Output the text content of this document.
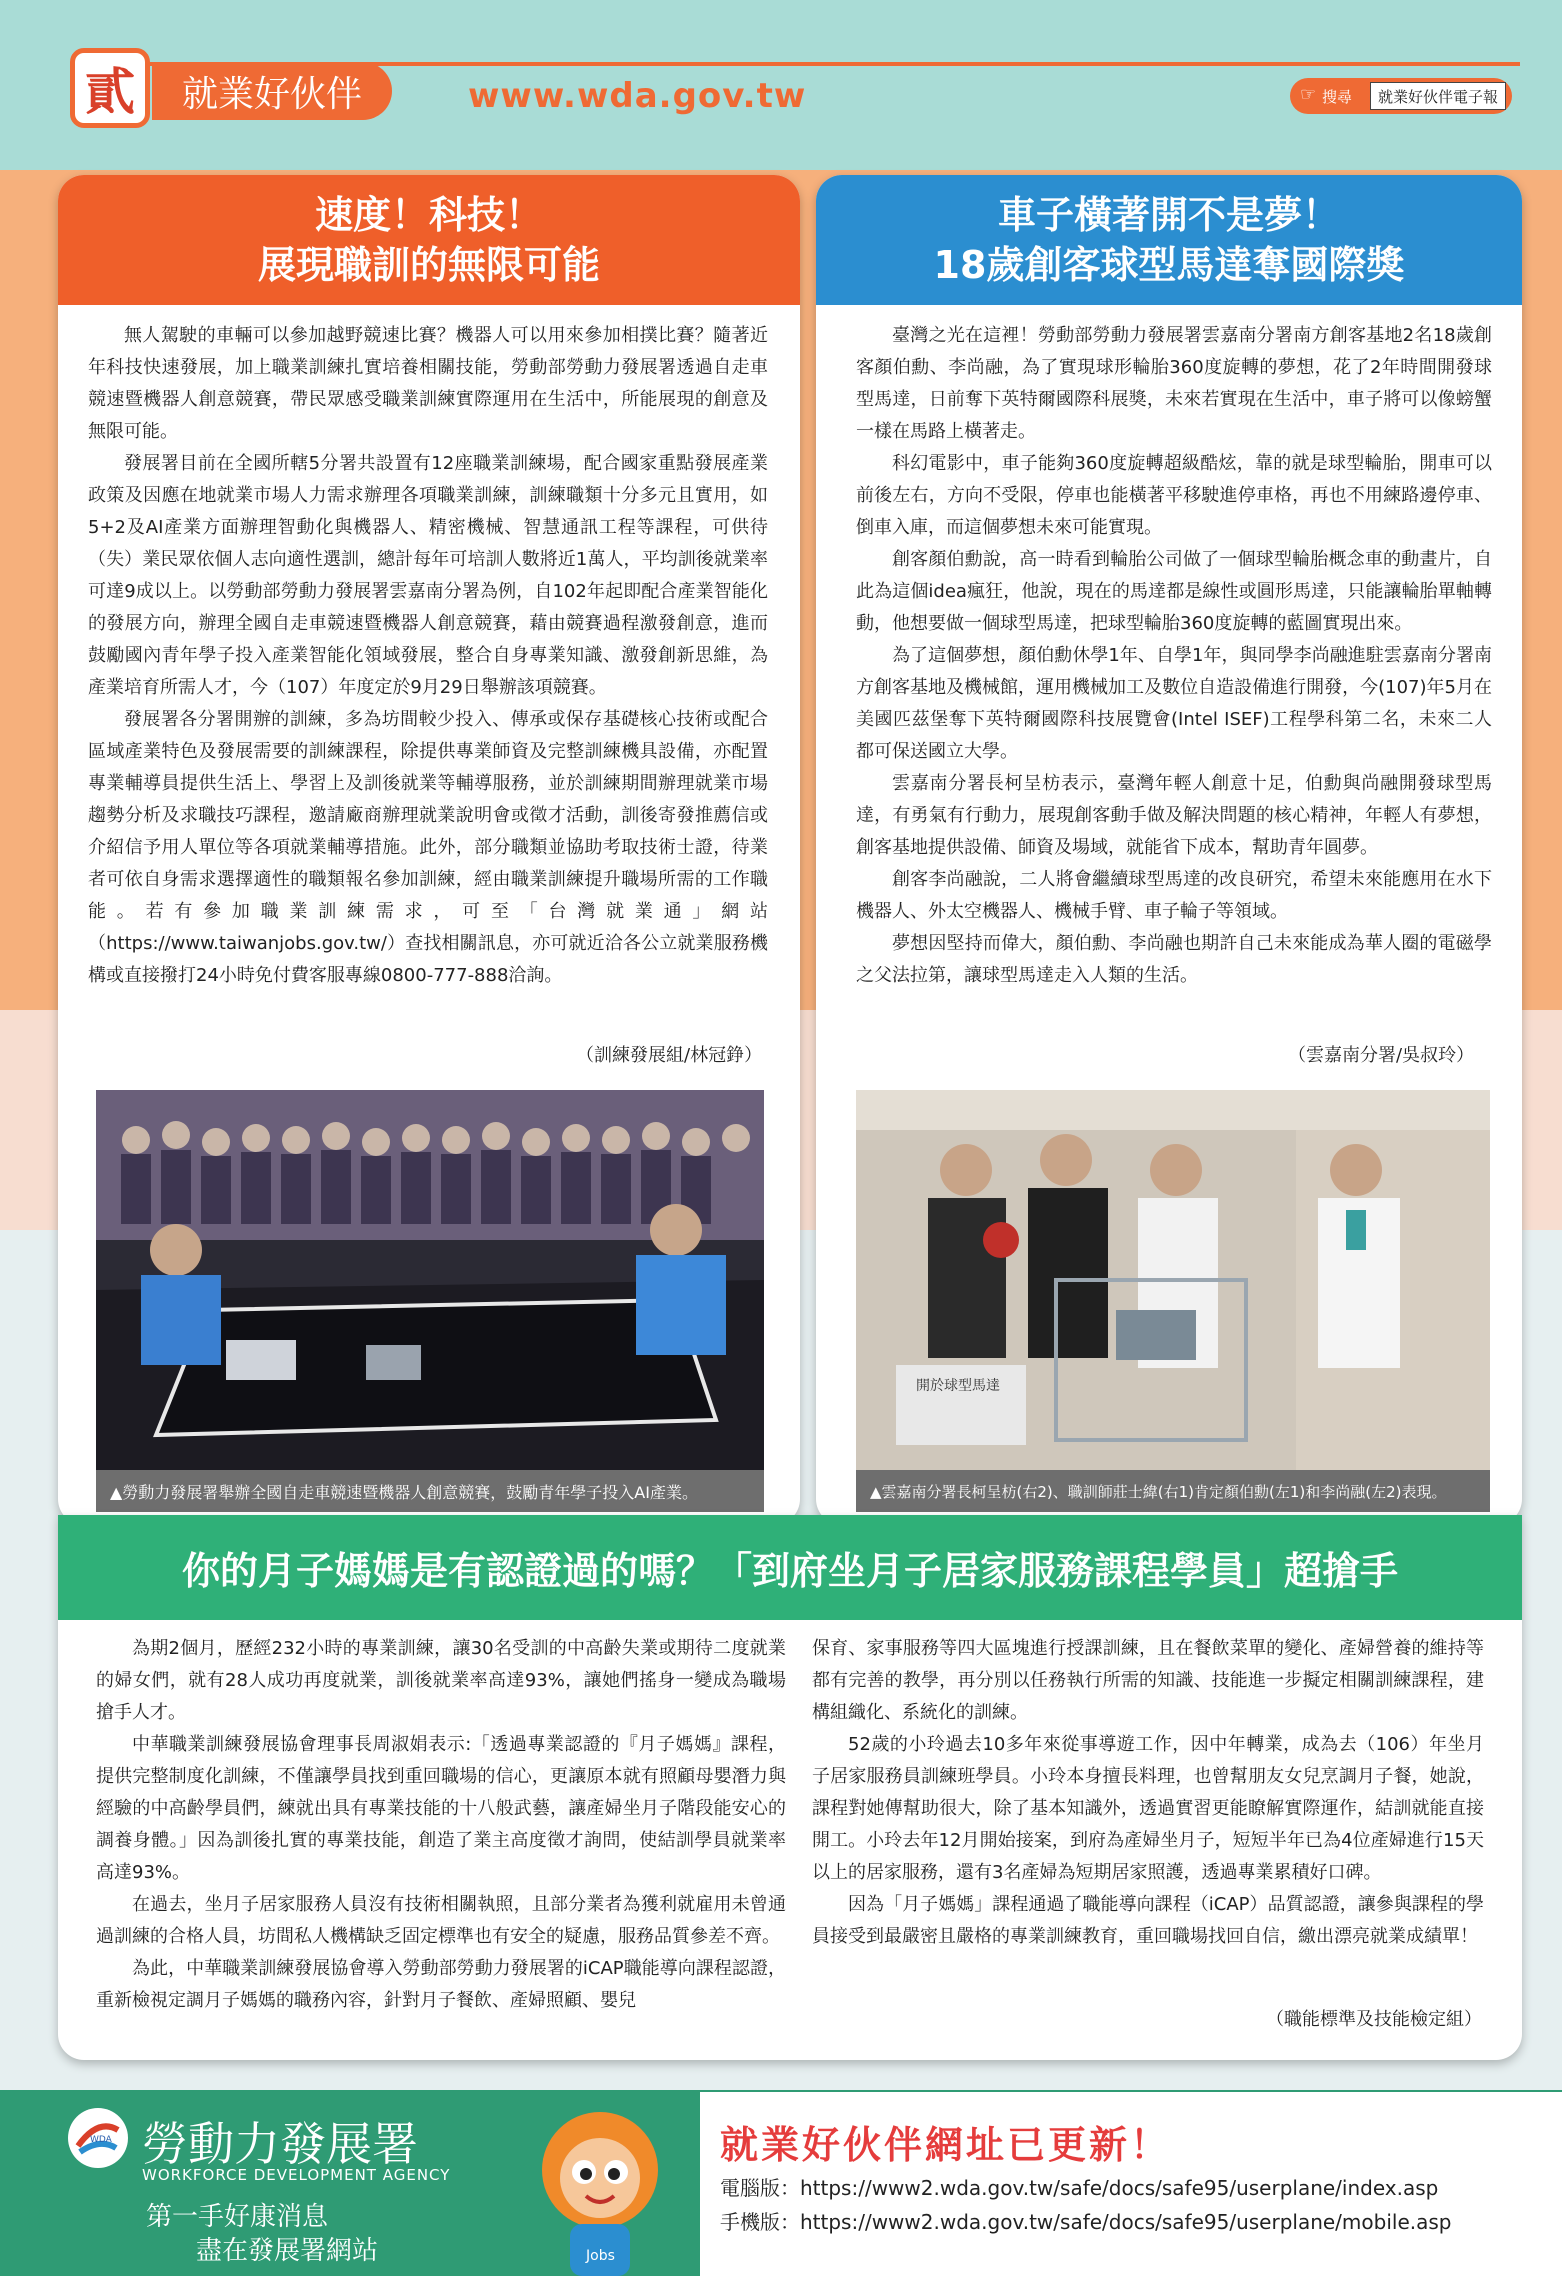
貳	就業好伙伴	www.wda.gov.tw	☞ 搜尋	就業好伙伴電子報
速度！科技！
展現職訓的無限可能

無人駕駛的車輛可以參加越野競速比賽？機器人可以用來參加相撲比賽？隨著近年科技快速發展，加上職業訓練扎實培養相關技能，勞動部勞動力發展署透過自走車競速暨機器人創意競賽，帶民眾感受職業訓練實際運用在生活中，所能展現的創意及無限可能。

發展署目前在全國所轄5分署共設置有12座職業訓練場，配合國家重點發展產業政策及因應在地就業市場人力需求辦理各項職業訓練，訓練職類十分多元且實用，如5+2及AI產業方面辦理智動化與機器人、精密機械、智慧通訊工程等課程，可供待（失）業民眾依個人志向適性選訓，總計每年可培訓人數將近1萬人，平均訓後就業率可達9成以上。以勞動部勞動力發展署雲嘉南分署為例，自102年起即配合產業智能化的發展方向，辦理全國自走車競速暨機器人創意競賽，藉由競賽過程激發創意，進而鼓勵國內青年學子投入產業智能化領域發展，整合自身專業知識、激發創新思維，為產業培育所需人才，今（107）年度定於9月29日舉辦該項競賽。

發展署各分署開辦的訓練，多為坊間較少投入、傳承或保存基礎核心技術或配合區域產業特色及發展需要的訓練課程，除提供專業師資及完整訓練機具設備，亦配置專業輔導員提供生活上、學習上及訓後就業等輔導服務，並於訓練期間辦理就業市場趨勢分析及求職技巧課程，邀請廠商辦理就業說明會或徵才活動，訓後寄發推薦信或介紹信予用人單位等各項就業輔導措施。此外，部分職類並協助考取技術士證，待業者可依自身需求選擇適性的職類報名參加訓練，經由職業訓練提升職場所需的工作職能。若有參加職業訓練需求，可至「台灣就業通」網站（https://www.taiwanjobs.gov.tw/）查找相關訊息，亦可就近洽各公立就業服務機構或直接撥打24小時免付費客服專線0800-777-888洽詢。

（訓練發展組/林冠錚）
▲勞動力發展署舉辦全國自走車競速暨機器人創意競賽，鼓勵青年學子投入AI產業。
車子橫著開不是夢！
18歲創客球型馬達奪國際獎

臺灣之光在這裡！勞動部勞動力發展署雲嘉南分署南方創客基地2名18歲創客顏伯勳、李尚融，為了實現球形輪胎360度旋轉的夢想，花了2年時間開發球型馬達，日前奪下英特爾國際科展獎，未來若實現在生活中，車子將可以像螃蟹一樣在馬路上橫著走。

科幻電影中，車子能夠360度旋轉超級酷炫，靠的就是球型輪胎，開車可以前後左右，方向不受限，停車也能橫著平移駛進停車格，再也不用練路邊停車、倒車入庫，而這個夢想未來可能實現。

創客顏伯勳說，高一時看到輪胎公司做了一個球型輪胎概念車的動畫片，自此為這個idea瘋狂，他說，現在的馬達都是線性或圓形馬達，只能讓輪胎單軸轉動，他想要做一個球型馬達，把球型輪胎360度旋轉的藍圖實現出來。

為了這個夢想，顏伯勳休學1年、自學1年，與同學李尚融進駐雲嘉南分署南方創客基地及機械館，運用機械加工及數位自造設備進行開發，今(107)年5月在美國匹茲堡奪下英特爾國際科技展覽會(Intel ISEF)工程學科第二名，未來二人都可保送國立大學。

雲嘉南分署長柯呈枋表示，臺灣年輕人創意十足，伯勳與尚融開發球型馬達，有勇氣有行動力，展現創客動手做及解決問題的核心精神，年輕人有夢想，創客基地提供設備、師資及場域，就能省下成本，幫助青年圓夢。

創客李尚融說，二人將會繼續球型馬達的改良研究，希望未來能應用在水下機器人、外太空機器人、機械手臂、車子輪子等領域。

夢想因堅持而偉大，顏伯勳、李尚融也期許自己未來能成為華人圈的電磁學之父法拉第，讓球型馬達走入人類的生活。

（雲嘉南分署/吳叔玲）
開於球型馬達
▲雲嘉南分署長柯呈枋(右2)、職訓師莊士緯(右1)肯定顏伯勳(左1)和李尚融(左2)表現。
你的月子媽媽是有認證過的嗎？「到府坐月子居家服務課程學員」超搶手

為期2個月，歷經232小時的專業訓練，讓30名受訓的中高齡失業或期待二度就業的婦女們，就有28人成功再度就業，訓後就業率高達93%，讓她們搖身一變成為職場搶手人才。

中華職業訓練發展協會理事長周淑娟表示:「透過專業認證的『月子媽媽』課程，提供完整制度化訓練，不僅讓學員找到重回職場的信心，更讓原本就有照顧母嬰潛力與經驗的中高齡學員們，練就出具有專業技能的十八般武藝，讓產婦坐月子階段能安心的調養身體。」因為訓後扎實的專業技能，創造了業主高度徵才詢問，使結訓學員就業率高達93%。

在過去，坐月子居家服務人員沒有技術相關執照，且部分業者為獲利就雇用未曾通過訓練的合格人員，坊間私人機構缺乏固定標準也有安全的疑慮，服務品質參差不齊。

為此，中華職業訓練發展協會導入勞動部勞動力發展署的iCAP職能導向課程認證，重新檢視定調月子媽媽的職務內容，針對月子餐飲、產婦照顧、嬰兒

保育、家事服務等四大區塊進行授課訓練，且在餐飲菜單的變化、產婦營養的維持等都有完善的教學，再分別以任務執行所需的知識、技能進一步擬定相關訓練課程，建構組織化、系統化的訓練。

52歲的小玲過去10多年來從事導遊工作，因中年轉業，成為去（106）年坐月子居家服務員訓練班學員。小玲本身擅長料理，也曾幫朋友女兒烹調月子餐，她說，課程對她傳幫助很大，除了基本知識外，透過實習更能瞭解實際運作，結訓就能直接開工。小玲去年12月開始接案，到府為產婦坐月子，短短半年已為4位產婦進行15天以上的居家服務，還有3名產婦為短期居家照護，透過專業累積好口碑。

因為「月子媽媽」課程通過了職能導向課程（iCAP）品質認證，讓參與課程的學員接受到最嚴密且嚴格的專業訓練教育，重回職場找回自信，繳出漂亮就業成績單！

（職能標準及技能檢定組）
WDA 勞動力發展署
WORKFORCE DEVELOPMENT AGENCY
第一手好康消息
盡在發展署網站	Jobs
就業好伙伴網址已更新！
電腦版：https://www2.wda.gov.tw/safe/docs/safe95/userplane/index.asp
手機版：https://www2.wda.gov.tw/safe/docs/safe95/userplane/mobile.asp
